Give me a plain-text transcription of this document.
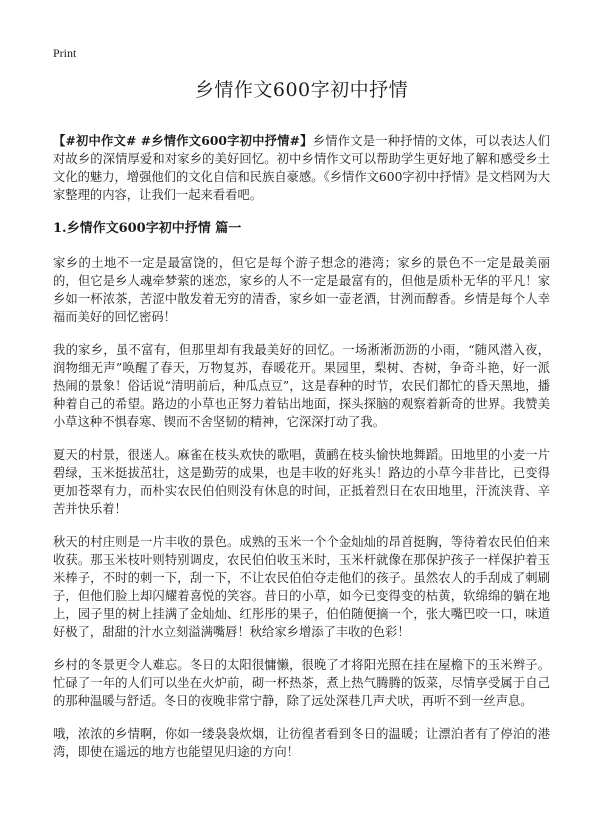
Print
乡情作文600字初中抒情

【#初中作文# #乡情作文600字初中抒情#】乡情作文是一种抒情的文体，可以表达人们对故乡的深情厚爱和对家乡的美好回忆。初中乡情作文可以帮助学生更好地了解和感受乡土文化的魅力，增强他们的文化自信和民族自豪感。《乡情作文600字初中抒情》是文档网为大家整理的内容，让我们一起来看看吧。

1.乡情作文600字初中抒情 篇一

家乡的土地不一定是最富饶的，但它是每个游子想念的港湾；家乡的景色不一定是最美丽的，但它是乡人魂牵梦萦的迷恋，家乡的人不一定是最富有的，但他是质朴无华的平凡！家乡如一杯浓茶，苦涩中散发着无穷的清香，家乡如一壶老酒，甘洌而醇香。乡情是每个人幸福而美好的回忆密码！

我的家乡，虽不富有，但那里却有我最美好的回忆。一场淅淅沥沥的小雨，“随风潜入夜，润物细无声”唤醒了春天，万物复苏，春暖花开。果园里，梨树、杏树，争奇斗艳，好一派热闹的景象！俗话说“清明前后，种瓜点豆”，这是春种的时节，农民们都忙的昏天黑地，播种着自己的希望。路边的小草也正努力着钻出地面，探头探脑的观察着新奇的世界。我赞美小草这种不惧春寒、锲而不舍坚韧的精神，它深深打动了我。

夏天的村景，很迷人。麻雀在枝头欢快的歌唱，黄鹂在枝头愉快地舞蹈。田地里的小麦一片碧绿，玉米挺拔茁壮，这是勤劳的成果，也是丰收的好兆头！路边的小草今非昔比，已变得更加苍翠有力，而朴实农民伯伯则没有休息的时间，正抵着烈日在农田地里，汗流浃背、辛苦并快乐着！

秋天的村庄则是一片丰收的景色。成熟的玉米一个个金灿灿的昂首挺胸，等待着农民伯伯来收获。那玉米枝叶则特别调皮，农民伯伯收玉米时，玉米杆就像在那保护孩子一样保护着玉米棒子，不时的刺一下，刮一下，不让农民伯伯夺走他们的孩子。虽然农人的手刮成了刺刷子，但他们脸上却闪耀着喜悦的笑容。昔日的小草，如今已变得变的枯黄，软绵绵的躺在地上，园子里的树上挂满了金灿灿、红彤彤的果子，伯伯随便摘一个，张大嘴巴咬一口，味道好极了，甜甜的汁水立刻溢满嘴唇！秋给家乡增添了丰收的色彩！

乡村的冬景更令人难忘。冬日的太阳很慵懒，很晚了才将阳光照在挂在屋檐下的玉米辫子。忙碌了一年的人们可以坐在火炉前，砌一杯热茶，煮上热气腾腾的饭菜，尽情享受属于自己的那种温暖与舒适。冬日的夜晚非常宁静，除了远处深巷几声犬吠，再听不到一丝声息。

哦，浓浓的乡情啊，你如一缕袅袅炊烟，让彷徨者看到冬日的温暖；让漂泊者有了停泊的港湾，即使在遥远的地方也能望见归途的方向！
